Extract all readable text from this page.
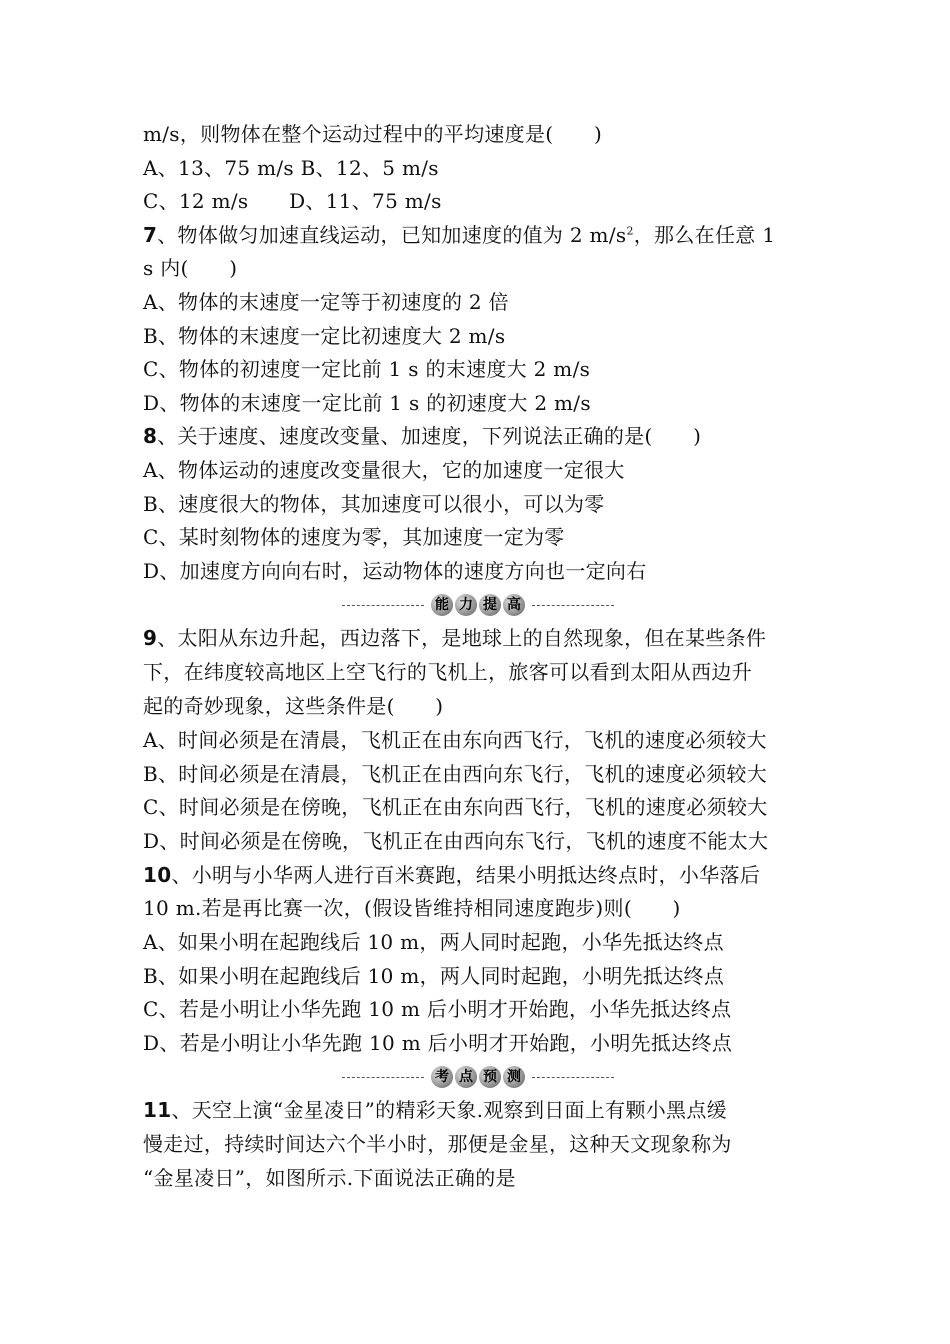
m/s，则物体在整个运动过程中的平均速度是(　　)
A、13、75 m/s B、12、5 m/s
C、12 m/s　　D、11、75 m/s
7、物体做匀加速直线运动，已知加速度的值为 2 $m/s^2$，那么在任意 1
s 内(　　)
A、物体的末速度一定等于初速度的 2 倍
B、物体的末速度一定比初速度大 2 m/s
C、物体的初速度一定比前 1 s 的末速度大 2 m/s
D、物体的末速度一定比前 1 s 的初速度大 2 m/s
8、关于速度、速度改变量、加速度，下列说法正确的是(　　)
A、物体运动的速度改变量很大，它的加速度一定很大
B、速度很大的物体，其加速度可以很小，可以为零
C、某时刻物体的速度为零，其加速度一定为零
D、加速度方向向右时，运动物体的速度方向也一定向右
能 力 提 高
9、太阳从东边升起，西边落下，是地球上的自然现象，但在某些条件
下，在纬度较高地区上空飞行的飞机上，旅客可以看到太阳从西边升
起的奇妙现象，这些条件是(　　)
A、时间必须是在清晨，飞机正在由东向西飞行，飞机的速度必须较大
B、时间必须是在清晨，飞机正在由西向东飞行，飞机的速度必须较大
C、时间必须是在傍晚，飞机正在由东向西飞行，飞机的速度必须较大
D、时间必须是在傍晚，飞机正在由西向东飞行，飞机的速度不能太大
10、小明与小华两人进行百米赛跑，结果小明抵达终点时，小华落后
10 m.若是再比赛一次，(假设皆维持相同速度跑步)则(　　)
A、如果小明在起跑线后 10 m，两人同时起跑，小华先抵达终点
B、如果小明在起跑线后 10 m，两人同时起跑，小明先抵达终点
C、若是小明让小华先跑 10 m 后小明才开始跑，小华先抵达终点
D、若是小明让小华先跑 10 m 后小明才开始跑，小明先抵达终点
考 点 预 测
11、天空上演“金星凌日”的精彩天象.观察到日面上有颗小黑点缓
慢走过，持续时间达六个半小时，那便是金星，这种天文现象称为
“金星凌日”，如图所示.下面说法正确的是
